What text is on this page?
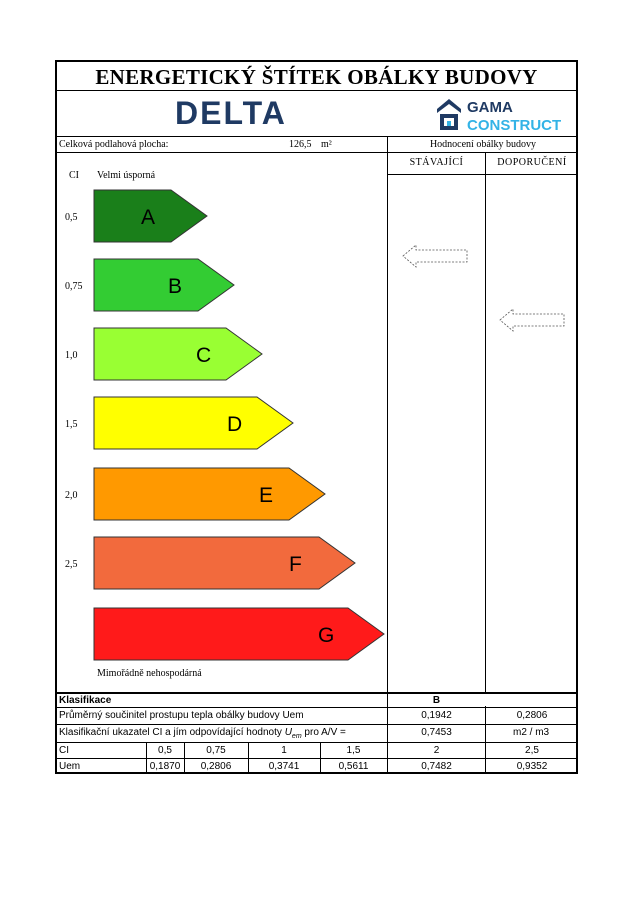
ENERGETICKÝ ŠTÍTEK OBÁLKY BUDOVY
DELTA	GAMA
CONSTRUCT
Celková podlahová plocha:	126,5 m²	Hodnocení obálky budovy
STÁVAJÍCÍ	DOPORUČENÍ
CI Velmi úsporná
A
0,5
B
0,75
C
1,0
D
1,5
E
2,0
F
2,5
G
Mimořádně nehospodárná
Klasifikace	B
Průměrný součinitel prostupu tepla obálky budovy Uem	0,1942	0,2806
Klasifikační ukazatel CI a jím odpovídající hodnoty $U_{em}$ pro A/V =	0,7453	m2 / m3
CI	0,5	0,75	1	1,5	2	2,5
Uem	0,1870	0,2806	0,3741	0,5611	0,7482	0,9352
